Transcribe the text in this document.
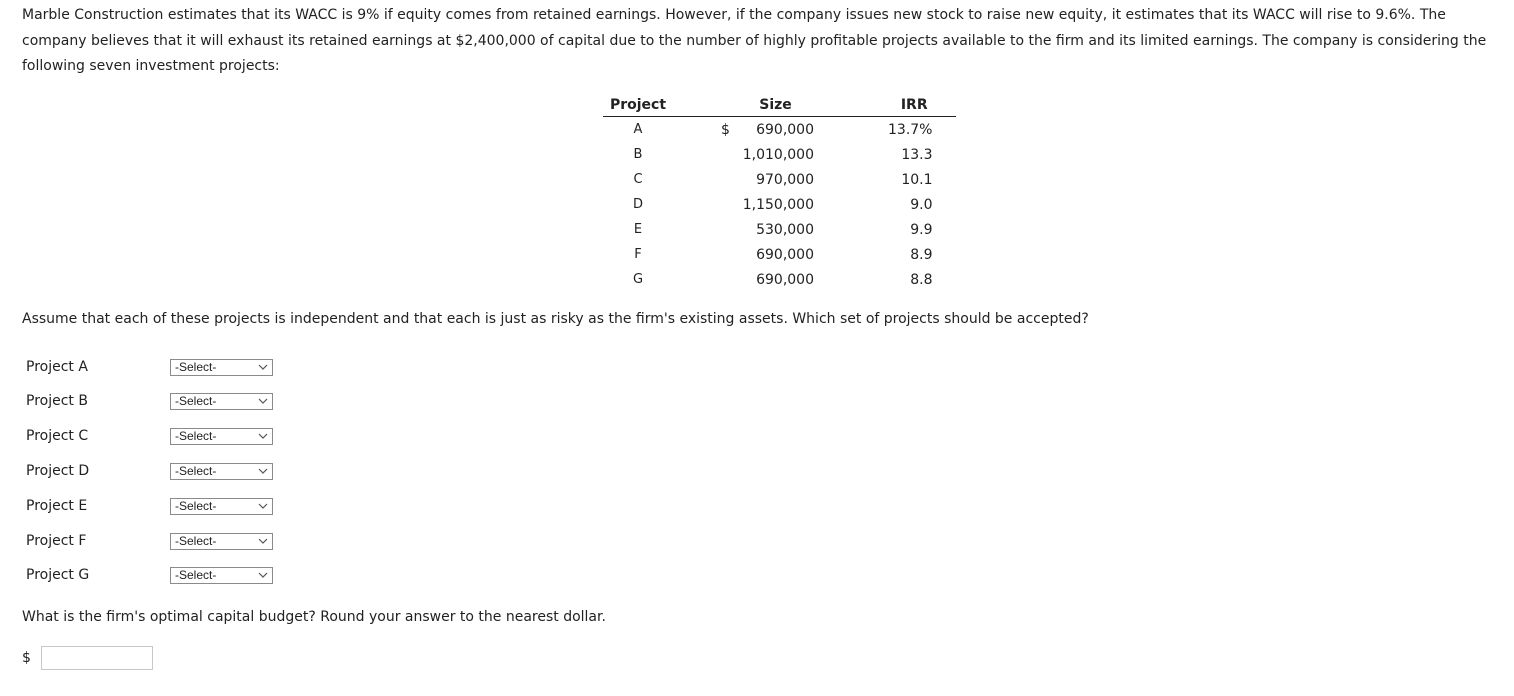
Marble Construction estimates that its WACC is 9% if equity comes from retained earnings. However, if the company issues new stock to raise new equity, it estimates that its WACC will rise to 9.6%. The company believes that it will exhaust its retained earnings at $2,400,000 of capital due to the number of highly profitable projects available to the firm and its limited earnings. The company is considering the following seven investment projects:

Project		Size		IRR	
A		$ 690,000		13.7%	
B		1,010,000		13.3	
C		970,000		10.1	
D		1,150,000		9.0	
E		530,000		9.9	
F		690,000		8.9	
G		690,000		8.8	

Assume that each of these projects is independent and that each is just as risky as the firm's existing assets. Which set of projects should be accepted?

Project A	-Select-
Project B	-Select-
Project C	-Select-
Project D	-Select-
Project E	-Select-
Project F	-Select-
Project G	-Select-

What is the firm's optimal capital budget? Round your answer to the nearest dollar.

$
